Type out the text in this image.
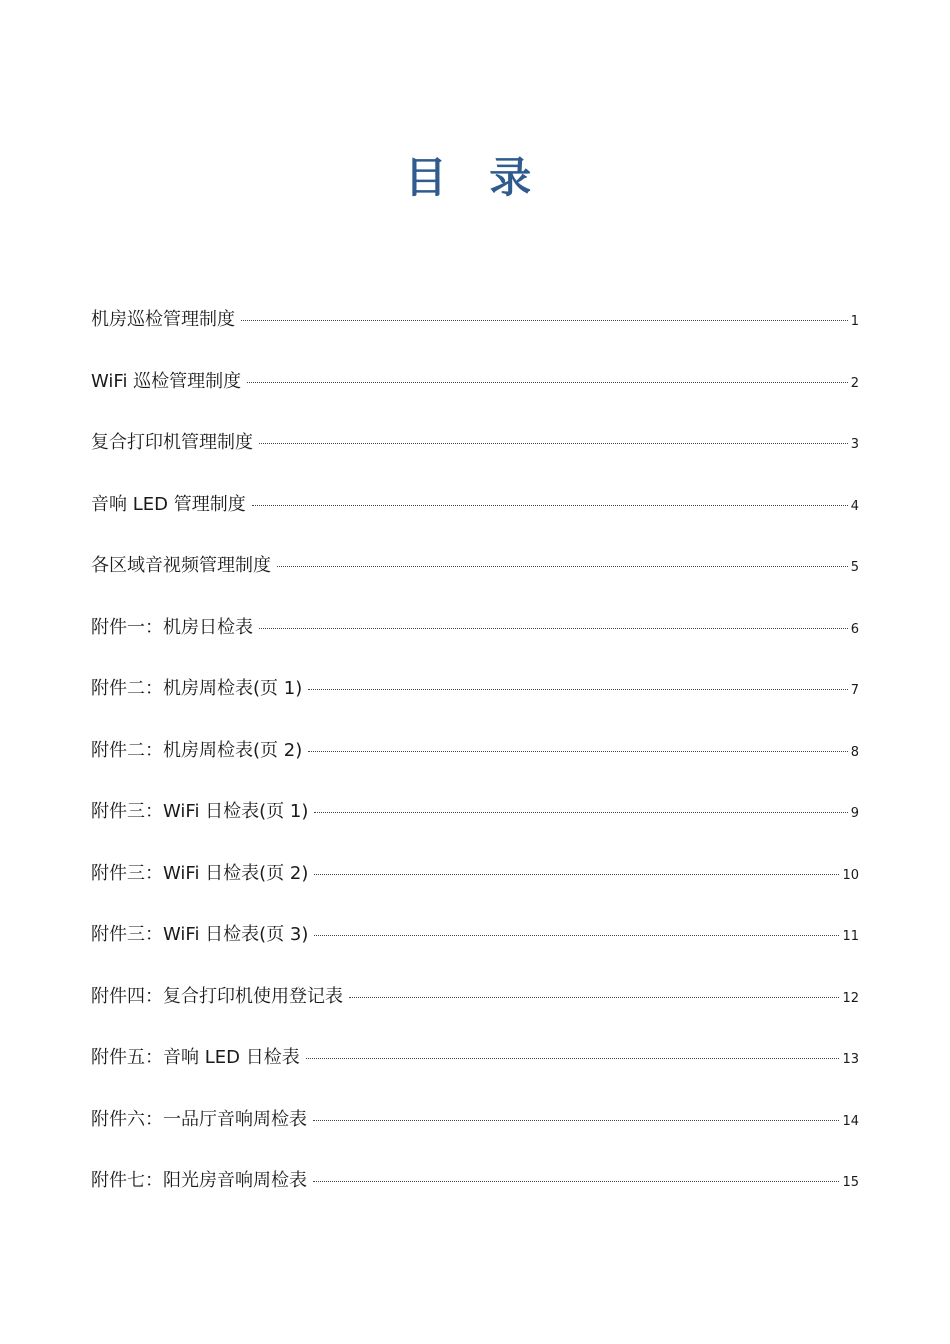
目 录
机房巡检管理制度	1
WiFi 巡检管理制度	2
复合打印机管理制度	3
音响 LED 管理制度	4
各区域音视频管理制度	5
附件一：机房日检表	6
附件二：机房周检表(页 1)	7
附件二：机房周检表(页 2)	8
附件三：WiFi 日检表(页 1)	9
附件三：WiFi 日检表(页 2)	10
附件三：WiFi 日检表(页 3)	11
附件四：复合打印机使用登记表	12
附件五：音响 LED 日检表	13
附件六：一品厅音响周检表	14
附件七：阳光房音响周检表	15
